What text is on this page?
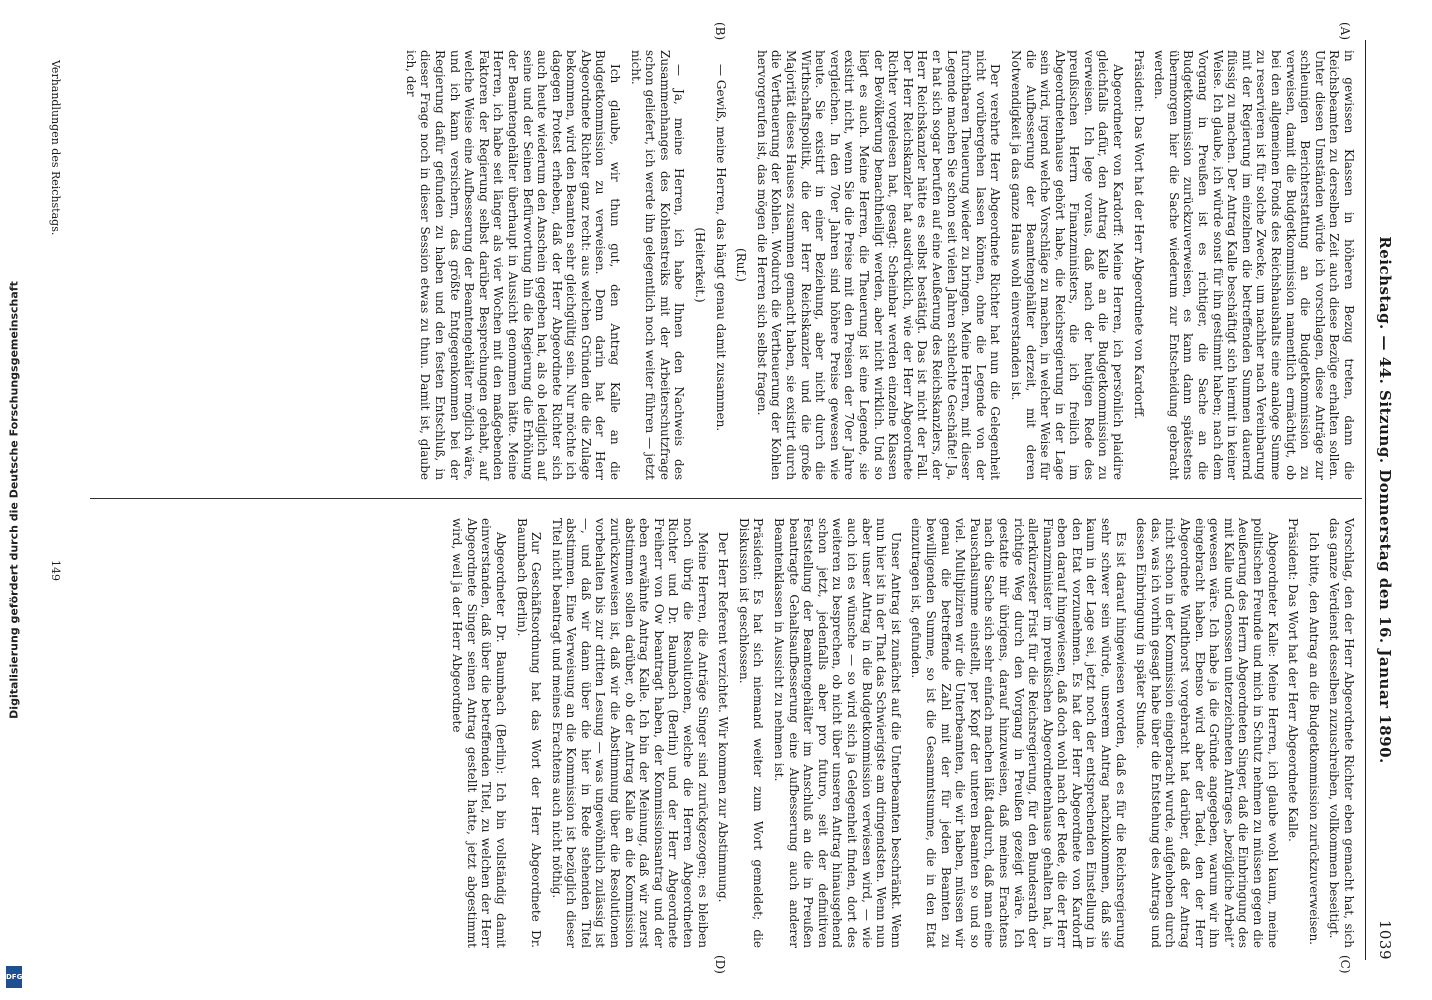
Digitalisierung gefördert durch die Deutsche Forschungsgemeinschaft
DFG
Reichstag. — 44. Sitzung. Donnerstag den 16. Januar 1890.
1039
(A)
(B)
(C)
(D)

in gewissen Klassen in höheren Bezug treten, dann die Reichsbeamten zu derselben Zeit auch diese Bezüge erhalten sollen. Unter diesen Umständen würde ich vorschlagen, diese Anträge zur schleunigen Berichterstattung an die Budgetkommission zu verweisen, damit die Budgetkommission namentlich ermächtigt, ob bei den allgemeinen Fonds des Reichshaushalts eine analoge Summe zu reservieren ist für solche Zwecke, um nachher nach Vereinbarung mit der Regierung im einzelnen die betreffenden Summen dauernd flüssig zu machen. Der Antrag Kalle beschäftigt sich hiermit in keiner Weise. Ich glaube, ich würde sonst für ihn gestimmt haben; nach dem Vorgang in Preußen ist es richtiger, die Sache an die Budgetkommission zurückzuverweisen, es kann dann spätestens übermorgen hier die Sache wiederum zur Entscheidung gebracht werden.

Präsident: Das Wort hat der Herr Abgeordnete von Kardorff.

Abgeordneter von Kardorff: Meine Herren, ich persönlich plaidire gleichfalls dafür, den Antrag Kalle an die Budgetkommission zu verweisen. Ich lege voraus, daß nach der heutigen Rede des preußischen Herrn Finanzministers, die ich freilich im Abgeordnetenhause gehört habe, die Reichsregierung in der Lage sein wird, irgend welche Vorschläge zu machen, in welcher Weise für die Aufbesserung der Beamtengehälter derzeit, mit deren Notwendigkeit ja das ganze Haus wohl einverstanden ist.

Der verehrte Herr Abgeordnete Richter hat nun die Gelegenheit nicht vorübergehen lassen können, ohne die Legende von der furchtbaren Theuerung wieder zu bringen. Meine Herren, mit dieser Legende machen Sie schon seit vielen Jahren schlechte Geschäfte! Ja, er hat sich sogar berufen auf eine Aeußerung des Reichskanzlers, der Herr Reichskanzler hätte es selbst bestätigt. Das ist nicht der Fall. Der Herr Reichskanzler hat ausdrücklich, wie der Herr Abgeordnete Richter vorgelesen hat, gesagt: Scheinbar werden einzelne Klassen der Bevölkerung benachtheiligt werden, aber nicht wirklich. Und so liegt es auch. Meine Herren, die Theuerung ist eine Legende, sie existirt nicht, wenn Sie die Preise mit den Preisen der 70er Jahre vergleichen. In den 70er Jahren sind höhere Preise gewesen wie heute. Sie existirt in einer Beziehung, aber nicht durch die Wirthschaftspolitik, die der Herr Reichskanzler und die große Majorität dieses Hauses zusammen gemacht haben, sie existirt durch die Vertheuerung der Kohlen. Wodurch die Vertheuerung der Kohlen hervorgerufen ist, das mögen die Herren sich selbst fragen.

(Ruf.)

— Gewiß, meine Herren, das hängt genau damit zusammen.

(Heiterkeit.)

— Ja, meine Herren, ich habe Ihnen den Nachweis des Zusammenhanges des Kohlenstreiks mit der Arbeiterschutzfrage schon geliefert, ich werde ihn gelegentlich noch weiter führen — jetzt nicht.

Ich glaube, wir thun gut, den Antrag Kalle an die Budgetkommission zu verweisen. Denn darin hat der Herr Abgeordnete Richter ganz recht: aus welchen Gründen die die Zulage bekommen, wird den Beamten sehr gleichgültig sein. Nur möchte ich dagegen Protest erheben, daß der Herr Abgeordnete Richter sich auch heute wiederum den Anschein gegeben hat, als ob lediglich auf seine und der Seinen Befürwortung hin die Regierung die Erhöhung der Beamtengehälter überhaupt in Aussicht genommen hätte. Meine Herren, ich habe seit länger als vier Wochen mit den maßgebenden Faktoren der Regierung selbst darüber Besprechungen gehabt, auf welche Weise eine Aufbesserung der Beamtengehälter möglich wäre, und ich kann versichern, das größte Entgegenkommen bei der Regierung dafür gefunden zu haben und den festen Entschluß, in dieser Frage noch in dieser Session etwas zu thun. Damit ist, glaube ich, der

Vorschlag, den der Herr Abgeordnete Richter eben gemacht hat, sich das ganze Verdienst desselben zuzuschreiben, vollkommen beseitigt.

Ich bitte, den Antrag an die Budgetkommission zurückzuverweisen.

Präsident: Das Wort hat der Herr Abgeordnete Kalle.

Abgeordneter Kalle: Meine Herren, ich glaube wohl kaum, meine politischen Freunde und mich in Schutz nehmen zu müssen gegen die Aeußerung des Herrn Abgeordneten Singer, daß die Einbringung des mit Kalle und Genossen unterzeichneten Antrages „bezügliche Arbeit“ gewesen wäre. Ich habe ja die Gründe angegeben, warum wir ihn eingebracht haben. Ebenso wird aber der Tadel, den der Herr Abgeordnete Windthorst vorgebracht hat darüber, daß der Antrag nicht schon in der Kommission eingebracht wurde, aufgehoben durch das, was ich vorhin gesagt habe über die Entstehung des Antrags und dessen Einbringung in später Stunde.

Es ist darauf hingewiesen worden, daß es für die Reichsregierung sehr schwer sein würde, unserem Antrag nachzukommen, daß sie kaum in der Lage sei, jetzt noch der entsprechenden Einstellung in den Etat vorzunehmen. Es hat der Herr Abgeordnete von Kardorff eben darauf hingewiesen, daß doch wohl nach der Rede, die der Herr Finanzminister im preußischen Abgeordnetenhause gehalten hat, in allerkürzester Frist für die Reichsregierung, für den Bundesrath der richtige Weg durch den Vorgang in Preußen gezeigt wäre. Ich gestatte mir übrigens, darauf hinzuweisen, daß meines Erachtens nach die Sache sich sehr einfach machen läßt dadurch, daß man eine Pauschalsumme einstellt, per Kopf der unteren Beamten so und so viel. Multipliziren wir die Unterbeamten, die wir haben, müssen wir genau die betreffende Zahl mit der für jeden Beamten zu bewilligenden Summe, so ist die Gesammtsumme, die in den Etat einzutragen ist, gefunden.

Unser Antrag ist zunächst auf die Unterbeamten beschränkt. Wenn nun hier ist in der That das Schwierigste am dringendsten. Wenn nun aber unser Antrag in die Budgetkommission verwiesen wird, — wie auch ich es wünsche — so wird sich ja Gelegenheit finden, dort des weiteren zu besprechen, ob nicht über unseren Antrag hinausgehend schon jetzt, jedenfalls aber pro futuro, seit der definitiven Feststellung der Beamtengehälter im Anschluß an die in Preußen beantragte Gehaltsaufbesserung eine Aufbesserung auch anderer Beamtenklassen in Aussicht zu nehmen ist.

Präsident: Es hat sich niemand weiter zum Wort gemeldet; die Diskussion ist geschlossen.

Der Herr Referent verzichtet. Wir kommen zur Abstimmung.

Meine Herren, die Anträge Singer sind zurückgezogen; es bleiben noch übrig die Resolutionen, welche die Herren Abgeordneten Richter und Dr. Baumbach (Berlin) und der Herr Abgeordnete Freiherr von Ow beantragt haben, der Kommissionsantrag und der eben erwähnte Antrag Kalle. Ich bin der Meinung, daß wir zuerst abstimmen sollen darüber, ob der Antrag Kalle an die Kommission zurückzuweisen ist, daß wir die Abstimmung über die Resolutionen vorbehalten bis zur dritten Lesung — was ungewöhnlich zulässig ist —, und daß wir dann über die hier in Rede stehenden Titel abstimmen. Eine Verweisung an die Kommission ist bezüglich dieser Titel nicht beantragt und meines Erachtens auch nicht nöthig.

Zur Geschäftsordnung hat das Wort der Herr Abgeordnete Dr. Baumbach (Berlin).

Abgeordneter Dr. Baumbach (Berlin): Ich bin vollständig damit einverstanden, daß über die betreffenden Titel, zu welchen der Herr Abgeordnete Singer seinen Antrag gestellt hatte, jetzt abgestimmt wird, weil ja der Herr Abgeordnete

Verhandlungen des Reichstags.
149
